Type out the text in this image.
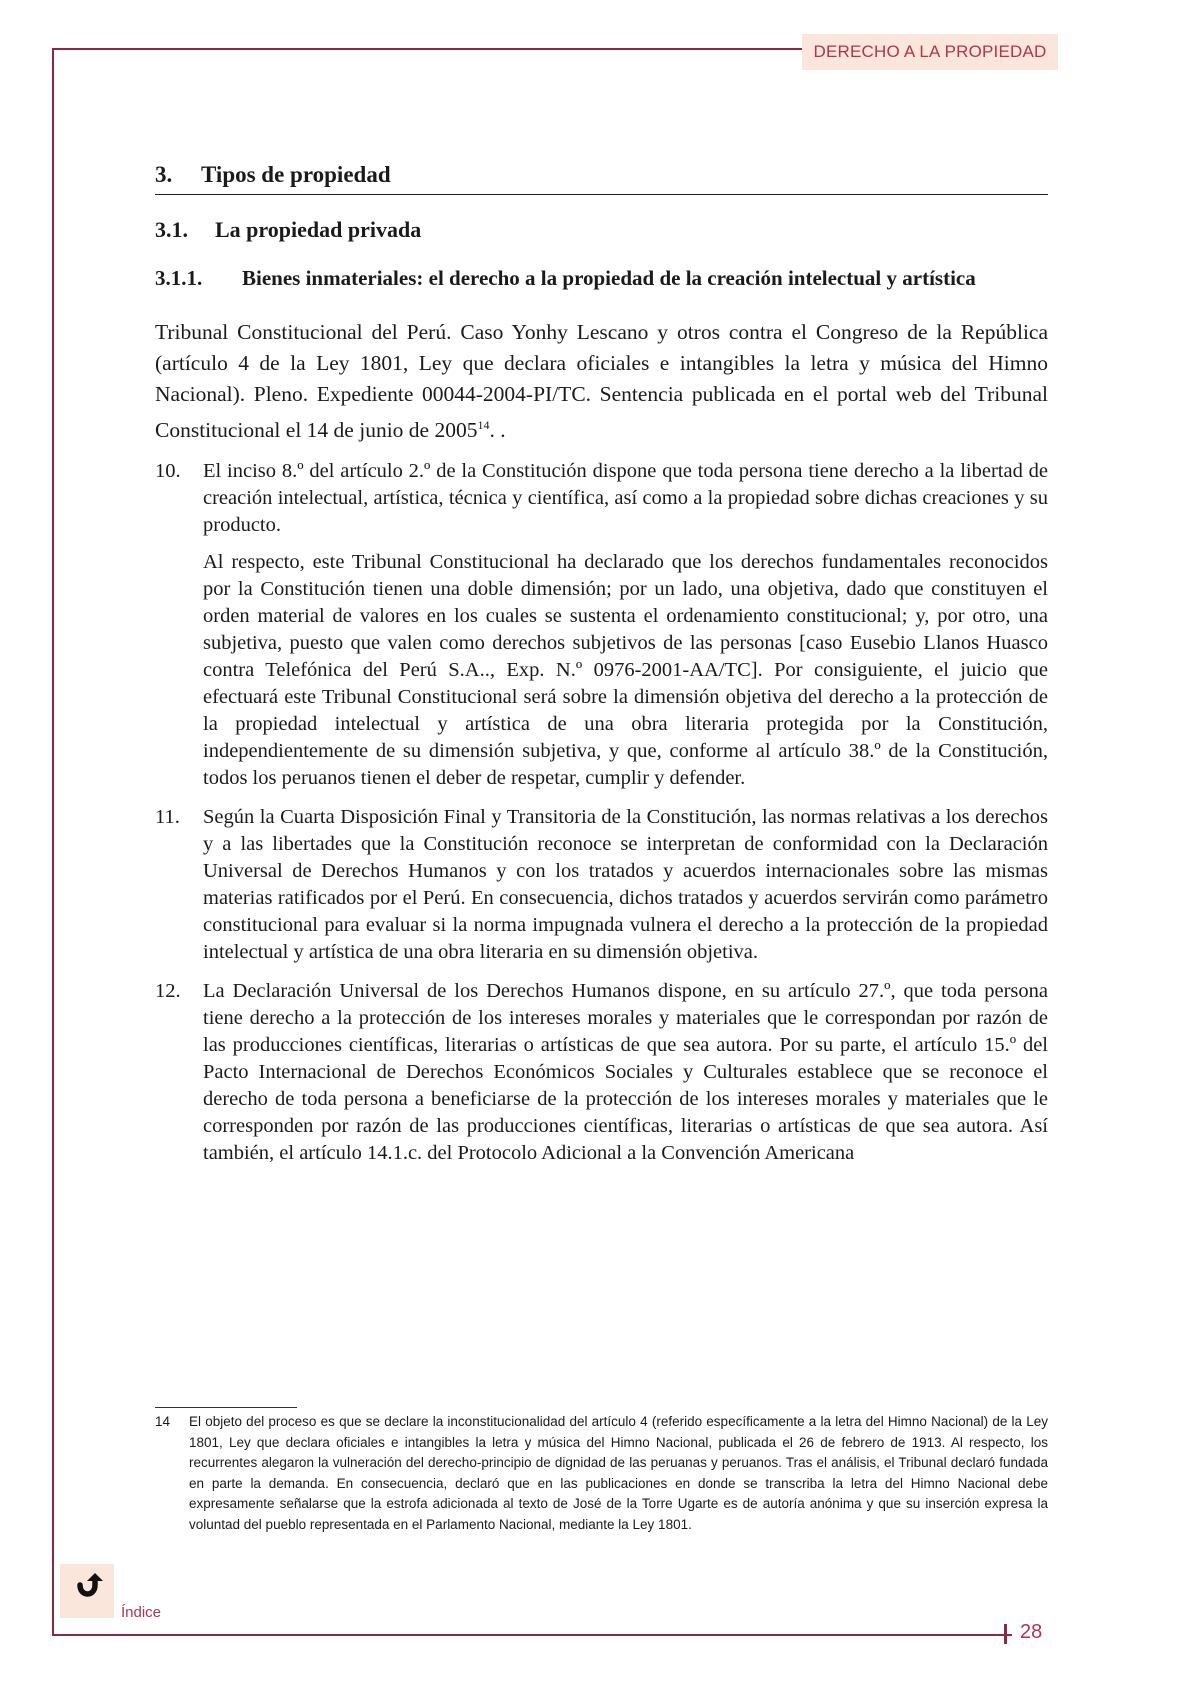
DERECHO A LA PROPIEDAD
3.	Tipos de propiedad
3.1.	La propiedad privada
3.1.1.	Bienes inmateriales: el derecho a la propiedad de la creación intelectual y artística

Tribunal Constitucional del Perú. Caso Yonhy Lescano y otros contra el Congreso de la República (artículo 4 de la Ley 1801, Ley que declara oficiales e intangibles la letra y música del Himno Nacional). Pleno. Expediente 00044-2004-PI/TC. Sentencia publicada en el portal web del Tribunal Constitucional el 14 de junio de 2005$^{14}$. .

10.	El inciso 8.º del artículo 2.º de la Constitución dispone que toda persona tiene derecho a la libertad de creación intelectual, artística, técnica y científica, así como a la propiedad sobre dichas creaciones y su producto.

Al respecto, este Tribunal Constitucional ha declarado que los derechos fundamentales reconocidos por la Constitución tienen una doble dimensión; por un lado, una objetiva, dado que constituyen el orden material de valores en los cuales se sustenta el ordenamiento constitucional; y, por otro, una subjetiva, puesto que valen como derechos subjetivos de las personas [caso Eusebio Llanos Huasco contra Telefónica del Perú S.A.., Exp. N.º 0976-2001-AA/TC]. Por consiguiente, el juicio que efectuará este Tribunal Constitucional será sobre la dimensión objetiva del derecho a la protección de la propiedad intelectual y artística de una obra literaria protegida por la Constitución, independientemente de su dimensión subjetiva, y que, conforme al artículo 38.º de la Constitución, todos los peruanos tienen el deber de respetar, cumplir y defender.

11.	Según la Cuarta Disposición Final y Transitoria de la Constitución, las normas relativas a los derechos y a las libertades que la Constitución reconoce se interpretan de conformidad con la Declaración Universal de Derechos Humanos y con los tratados y acuerdos internacionales sobre las mismas materias ratificados por el Perú. En consecuencia, dichos tratados y acuerdos servirán como parámetro constitucional para evaluar si la norma impugnada vulnera el derecho a la protección de la propiedad intelectual y artística de una obra literaria en su dimensión objetiva.

12.	La Declaración Universal de los Derechos Humanos dispone, en su artículo 27.º, que toda persona tiene derecho a la protección de los intereses morales y materiales que le correspondan por razón de las producciones científicas, literarias o artísticas de que sea autora. Por su parte, el artículo 15.º del Pacto Internacional de Derechos Económicos Sociales y Culturales establece que se reconoce el derecho de toda persona a beneficiarse de la protección de los intereses morales y materiales que le corresponden por razón de las producciones científicas, literarias o artísticas de que sea autora. Así también, el artículo 14.1.c. del Protocolo Adicional a la Convención Americana

14	El objeto del proceso es que se declare la inconstitucionalidad del artículo 4 (referido específicamente a la letra del Himno Nacional) de la Ley 1801, Ley que declara oficiales e intangibles la letra y música del Himno Nacional, publicada el 26 de febrero de 1913. Al respecto, los recurrentes alegaron la vulneración del derecho-principio de dignidad de las peruanas y peruanos. Tras el análisis, el Tribunal declaró fundada en parte la demanda. En consecuencia, declaró que en las publicaciones en donde se transcriba la letra del Himno Nacional debe expresamente señalarse que la estrofa adicionada al texto de José de la Torre Ugarte es de autoría anónima y que su inserción expresa la voluntad del pueblo representada en el Parlamento Nacional, mediante la Ley 1801.
Índice
28
